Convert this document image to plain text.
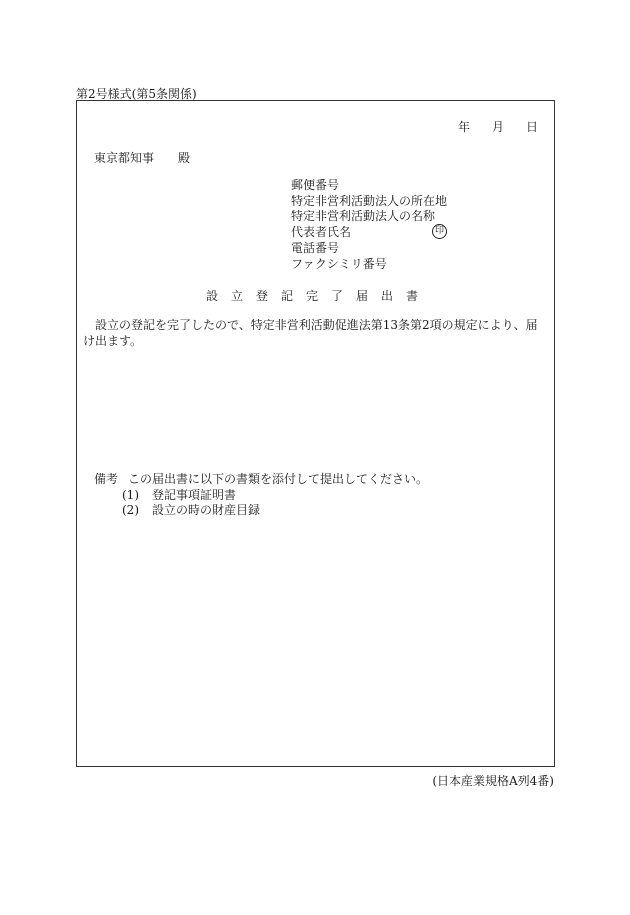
第2号様式(第5条関係)
年 月 日
東京都知事 殿
郵便番号
特定非営利活動法人の所在地
特定非営利活動法人の名称
代表者氏名	印
電話番号
ファクシミリ番号
設立登記完了届出書
設立の登記を完了したので、特定非営利活動促進法第13条第2項の規定により、届け出ます。
備考 この届出書に以下の書類を添付して提出してください。
(1) 登記事項証明書
(2) 設立の時の財産目録
(日本産業規格A列4番)
